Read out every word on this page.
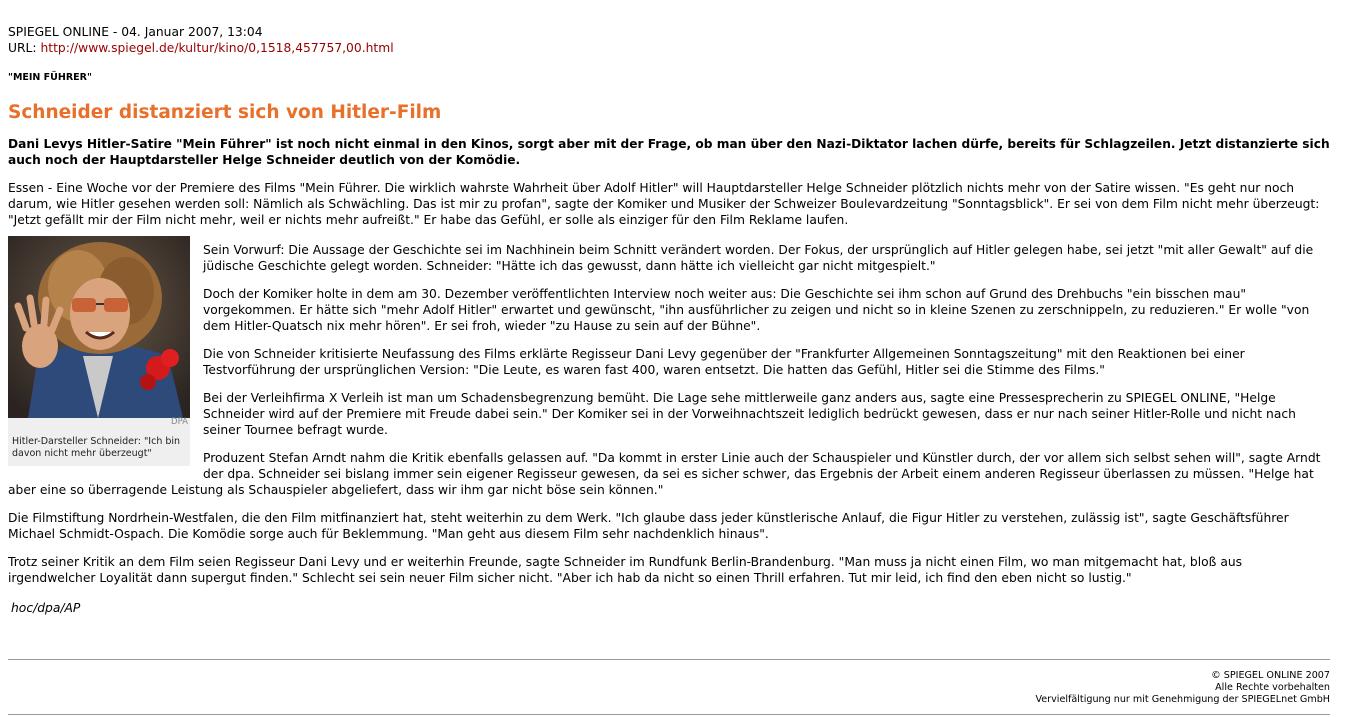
SPIEGEL ONLINE - 04. Januar 2007, 13:04
URL: http://www.spiegel.de/kultur/kino/0,1518,457757,00.html
"MEIN FÜHRER"
Schneider distanziert sich von Hitler-Film
Dani Levys Hitler-Satire "Mein Führer" ist noch nicht einmal in den Kinos, sorgt aber mit der Frage, ob man über den Nazi-Diktator lachen dürfe, bereits für Schlagzeilen. Jetzt distanzierte sich auch noch der Hauptdarsteller Helge Schneider deutlich von der Komödie.

Essen - Eine Woche vor der Premiere des Films "Mein Führer. Die wirklich wahrste Wahrheit über Adolf Hitler" will Hauptdarsteller Helge Schneider plötzlich nichts mehr von der Satire wissen. "Es geht nur noch darum, wie Hitler gesehen werden soll: Nämlich als Schwächling. Das ist mir zu profan", sagte der Komiker und Musiker der Schweizer Boulevardzeitung "Sonntagsblick". Er sei von dem Film nicht mehr überzeugt: "Jetzt gefällt mir der Film nicht mehr, weil er nichts mehr aufreißt." Er habe das Gefühl, er solle als einziger für den Film Reklame laufen.

DPA
Hitler-Darsteller Schneider: "Ich bin davon nicht mehr überzeugt"

Sein Vorwurf: Die Aussage der Geschichte sei im Nachhinein beim Schnitt verändert worden. Der Fokus, der ursprünglich auf Hitler gelegen habe, sei jetzt "mit aller Gewalt" auf die jüdische Geschichte gelegt worden. Schneider: "Hätte ich das gewusst, dann hätte ich vielleicht gar nicht mitgespielt."

Doch der Komiker holte in dem am 30. Dezember veröffentlichten Interview noch weiter aus: Die Geschichte sei ihm schon auf Grund des Drehbuchs "ein bisschen mau" vorgekommen. Er hätte sich "mehr Adolf Hitler" erwartet und gewünscht, "ihn ausführlicher zu zeigen und nicht so in kleine Szenen zu zerschnippeln, zu reduzieren." Er wolle "von dem Hitler-Quatsch nix mehr hören". Er sei froh, wieder "zu Hause zu sein auf der Bühne".

Die von Schneider kritisierte Neufassung des Films erklärte Regisseur Dani Levy gegenüber der "Frankfurter Allgemeinen Sonntagszeitung" mit den Reaktionen bei einer Testvorführung der ursprünglichen Version: "Die Leute, es waren fast 400, waren entsetzt. Die hatten das Gefühl, Hitler sei die Stimme des Films."

Bei der Verleihfirma X Verleih ist man um Schadensbegrenzung bemüht. Die Lage sehe mittlerweile ganz anders aus, sagte eine Pressesprecherin zu SPIEGEL ONLINE, "Helge Schneider wird auf der Premiere mit Freude dabei sein." Der Komiker sei in der Vorweihnachtszeit lediglich bedrückt gewesen, dass er nur nach seiner Hitler-Rolle und nicht nach seiner Tournee befragt wurde.

Produzent Stefan Arndt nahm die Kritik ebenfalls gelassen auf. "Da kommt in erster Linie auch der Schauspieler und Künstler durch, der vor allem sich selbst sehen will", sagte Arndt der dpa. Schneider sei bislang immer sein eigener Regisseur gewesen, da sei es sicher schwer, das Ergebnis der Arbeit einem anderen Regisseur überlassen zu müssen. "Helge hat aber eine so überragende Leistung als Schauspieler abgeliefert, dass wir ihm gar nicht böse sein können."

Die Filmstiftung Nordrhein-Westfalen, die den Film mitfinanziert hat, steht weiterhin zu dem Werk. "Ich glaube dass jeder künstlerische Anlauf, die Figur Hitler zu verstehen, zulässig ist", sagte Geschäftsführer Michael Schmidt-Ospach. Die Komödie sorge auch für Beklemmung. "Man geht aus diesem Film sehr nachdenklich hinaus".

Trotz seiner Kritik an dem Film seien Regisseur Dani Levy und er weiterhin Freunde, sagte Schneider im Rundfunk Berlin-Brandenburg. "Man muss ja nicht einen Film, wo man mitgemacht hat, bloß aus irgendwelcher Loyalität dann supergut finden." Schlecht sei sein neuer Film sicher nicht. "Aber ich hab da nicht so einen Thrill erfahren. Tut mir leid, ich find den eben nicht so lustig."

hoc/dpa/AP
© SPIEGEL ONLINE 2007
Alle Rechte vorbehalten
Vervielfältigung nur mit Genehmigung der SPIEGELnet GmbH
